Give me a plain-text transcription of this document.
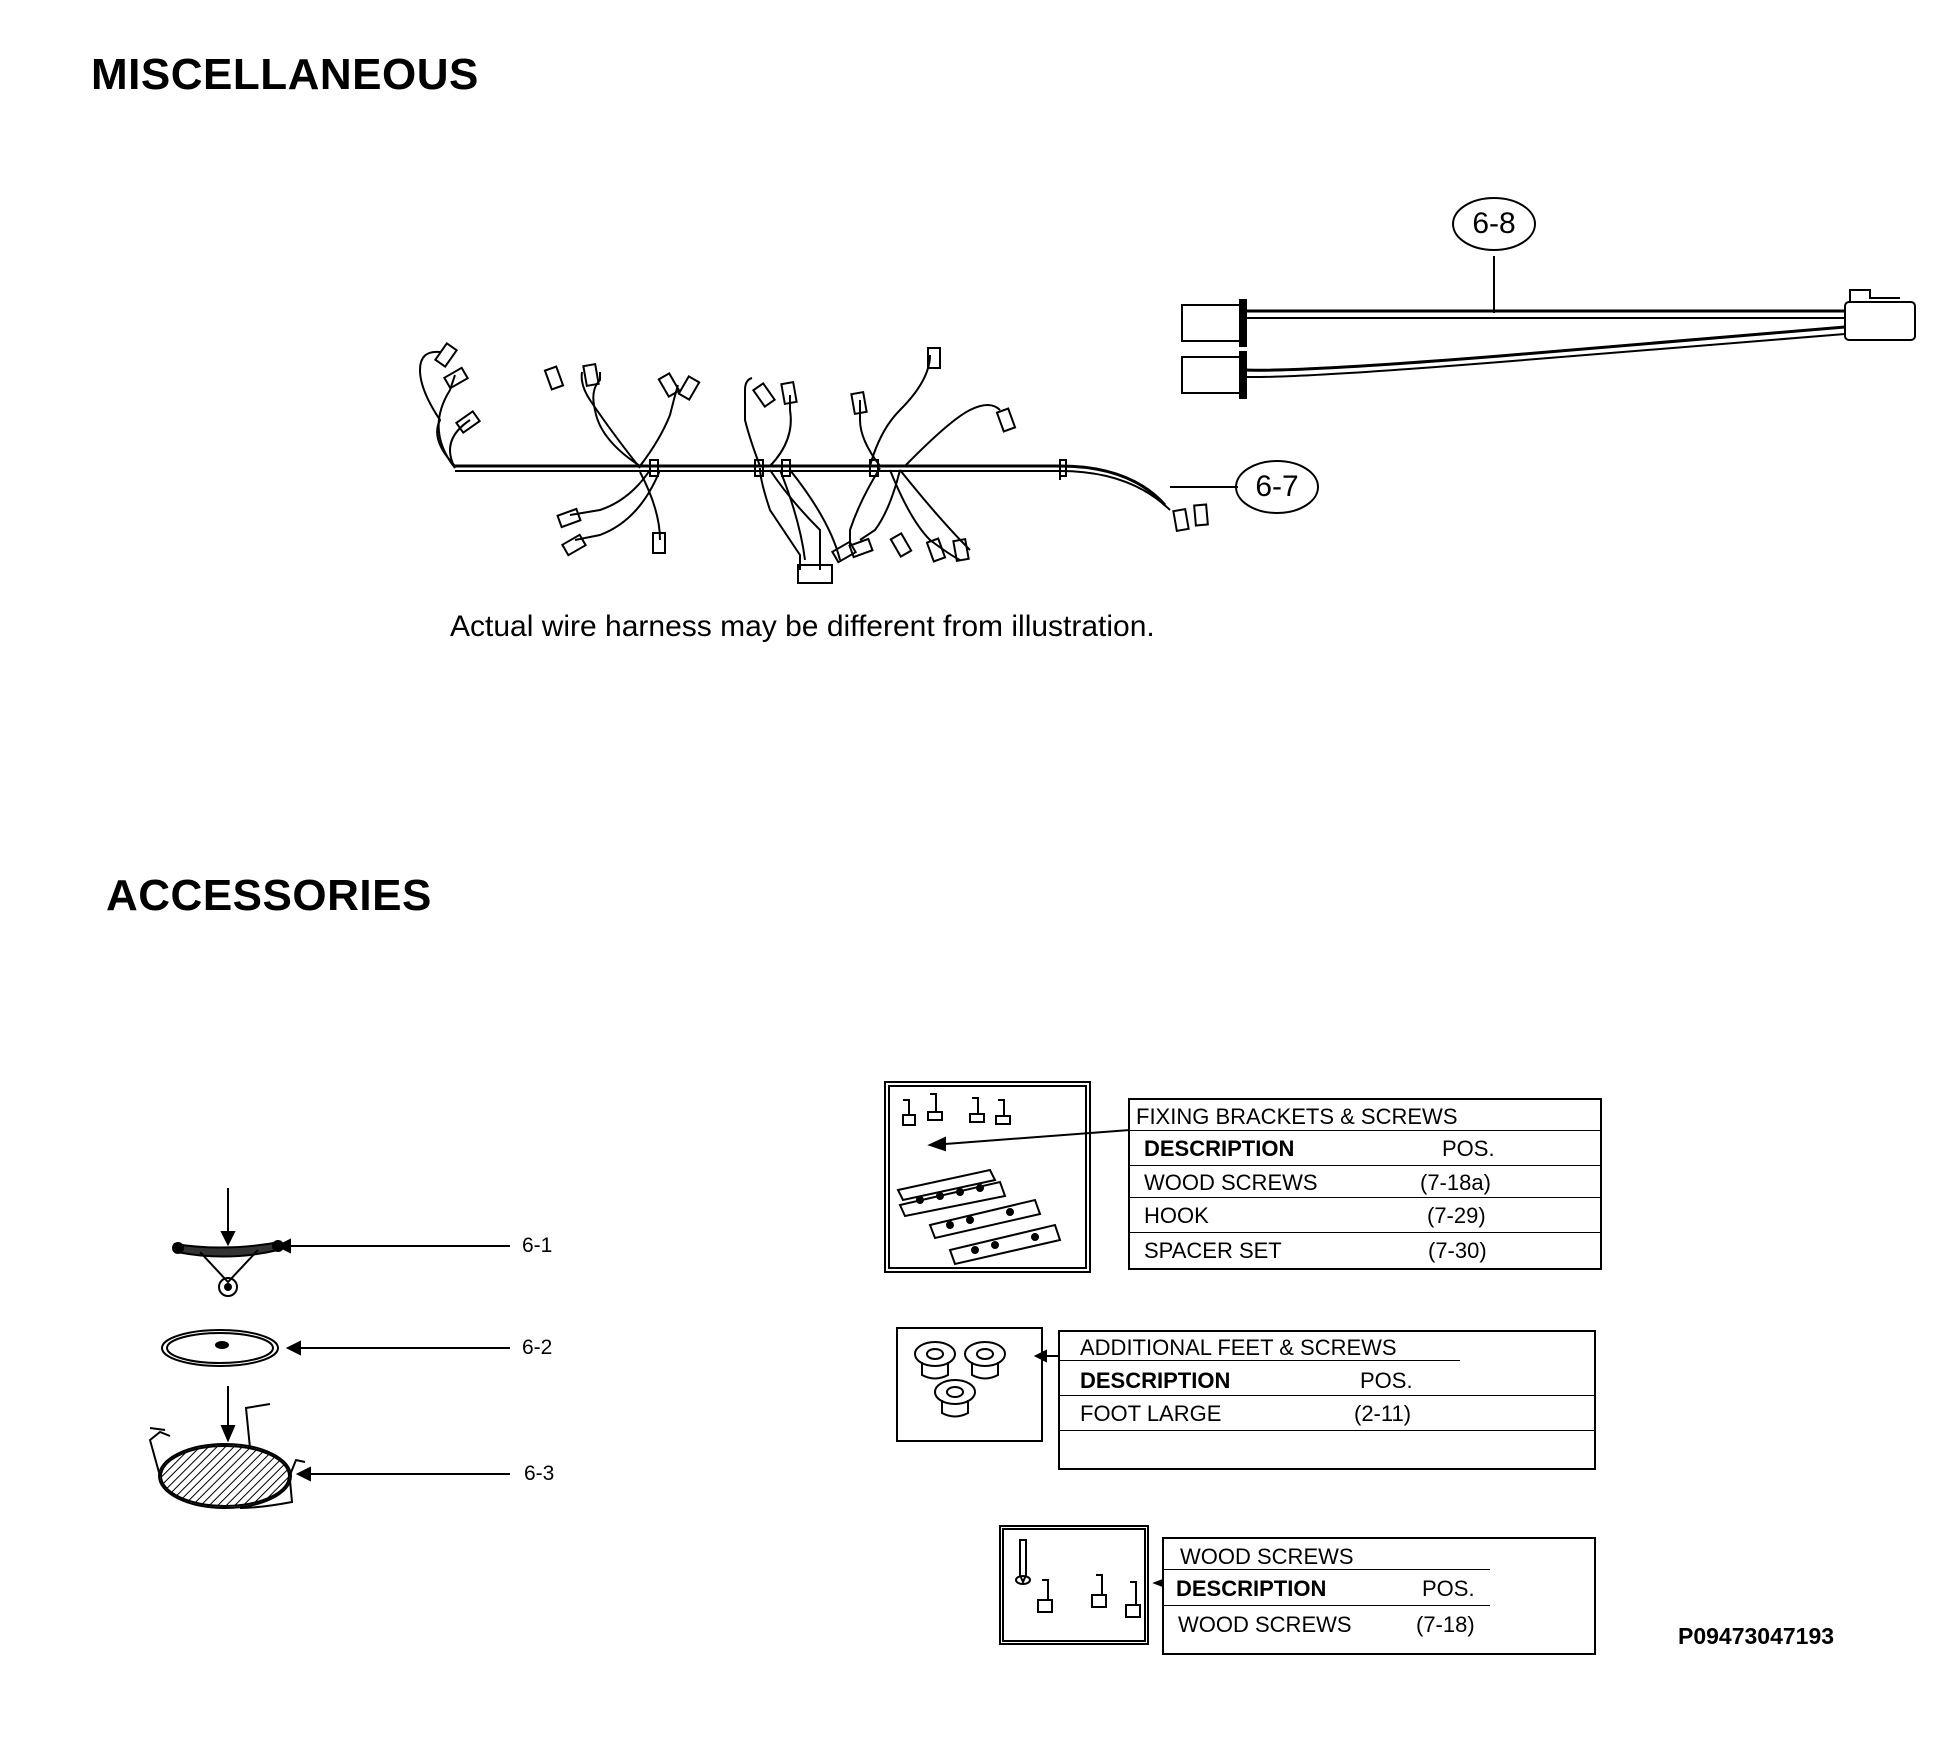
MISCELLANEOUS
ACCESSORIES
6-7
6-8
Actual wire harness may be different from illustration.
6-1
6-2
6-3
FIXING BRACKETS & SCREWS
DESCRIPTION	POS.
WOOD SCREWS	(7-18a)
HOOK	(7-29)
SPACER SET	(7-30)
ADDITIONAL FEET & SCREWS
DESCRIPTION	POS.
FOOT LARGE	(2-11)
WOOD SCREWS
DESCRIPTION	POS.
WOOD SCREWS	(7-18)	P09473047193
